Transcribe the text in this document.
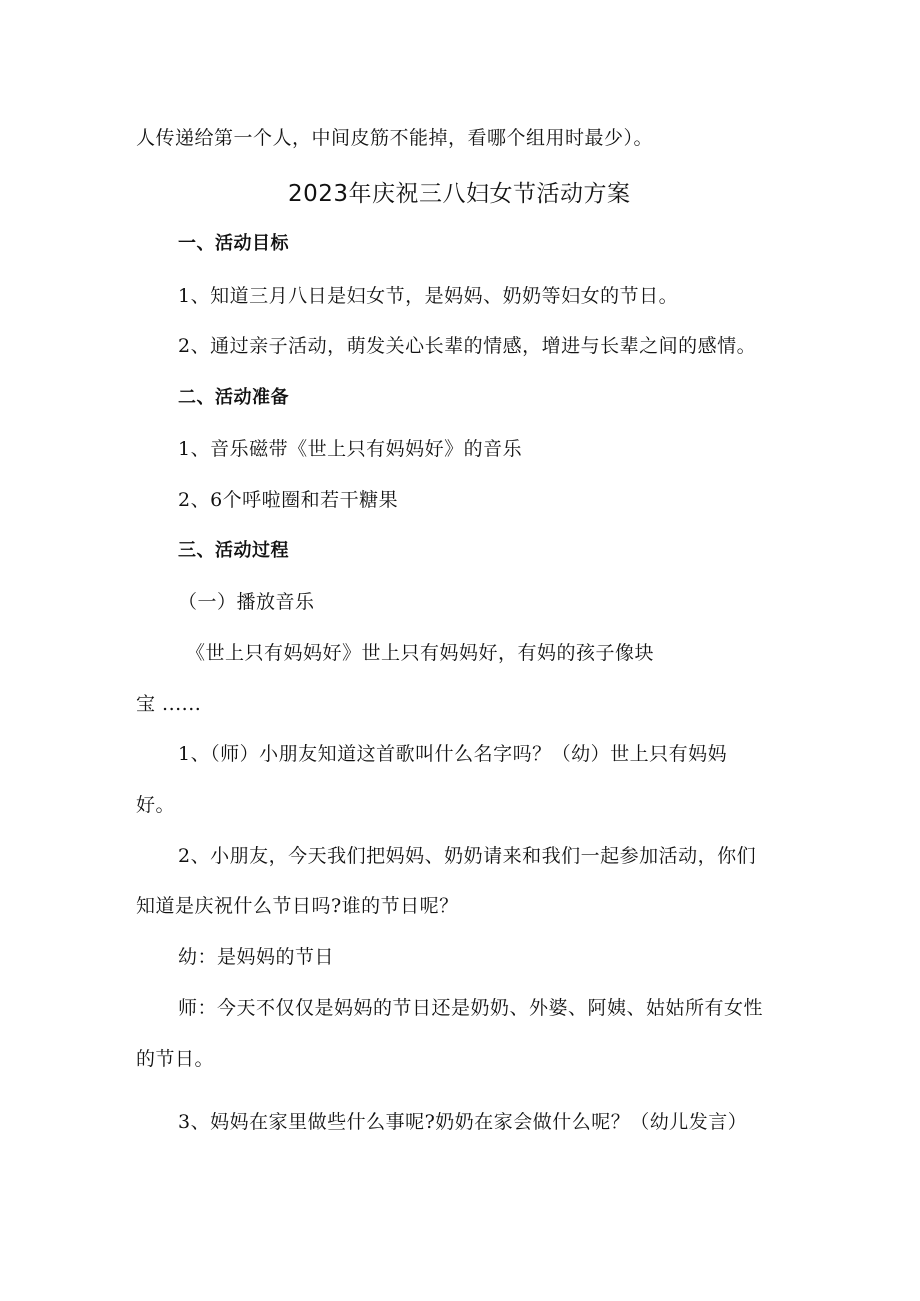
人传递给第一个人，中间皮筋不能掉，看哪个组用时最少）。
2023年庆祝三八妇女节活动方案
一、活动目标
1、知道三月八日是妇女节，是妈妈、奶奶等妇女的节日。
2、通过亲子活动，萌发关心长辈的情感，增进与长辈之间的感情。
二、活动准备
1、音乐磁带《世上只有妈妈好》的音乐
2、6个呼啦圈和若干糖果
三、活动过程
（一）播放音乐
《世上只有妈妈好》世上只有妈妈好，有妈的孩子像块
宝 ......
1、（师）小朋友知道这首歌叫什么名字吗？（幼）世上只有妈妈
好。
2、小朋友，今天我们把妈妈、奶奶请来和我们一起参加活动，你们
知道是庆祝什么节日吗?谁的节日呢？
幼：是妈妈的节日
师：今天不仅仅是妈妈的节日还是奶奶、外婆、阿姨、姑姑所有女性
的节日。
3、妈妈在家里做些什么事呢?奶奶在家会做什么呢？（幼儿发言）
